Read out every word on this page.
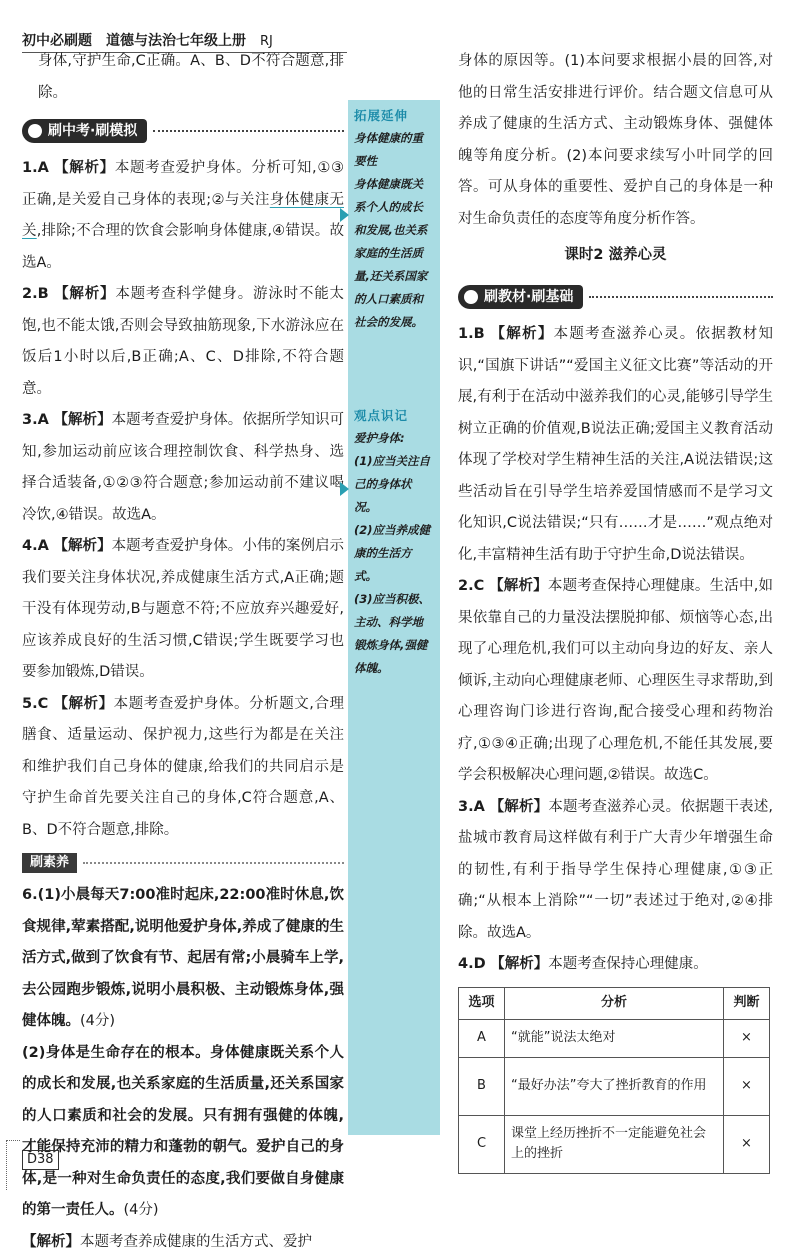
初中必刷题 道德与法治七年级上册 RJ

身体,守护生命,C正确。A、B、D不符合题意,排除。

刷中考·刷模拟

1.A 【解析】本题考查爱护身体。分析可知,①③正确,是关爱自己身体的表现;②与关注身体健康无关,排除;不合理的饮食会影响身体健康,④错误。故选A。

2.B 【解析】本题考查科学健身。游泳时不能太饱,也不能太饿,否则会导致抽筋现象,下水游泳应在饭后1小时以后,B正确;A、C、D排除,不符合题意。

3.A 【解析】本题考查爱护身体。依据所学知识可知,参加运动前应该合理控制饮食、科学热身、选择合适装备,①②③符合题意;参加运动前不建议喝冷饮,④错误。故选A。

4.A 【解析】本题考查爱护身体。小伟的案例启示我们要关注身体状况,养成健康生活方式,A正确;题干没有体现劳动,B与题意不符;不应放弃兴趣爱好,应该养成良好的生活习惯,C错误;学生既要学习也要参加锻炼,D错误。

5.C 【解析】本题考查爱护身体。分析题文,合理膳食、适量运动、保护视力,这些行为都是在关注和维护我们自己身体的健康,给我们的共同启示是守护生命首先要关注自己的身体,C符合题意,A、B、D不符合题意,排除。

刷素养

6.(1)小晨每天7:00准时起床,22:00准时休息,饮食规律,荤素搭配,说明他爱护身体,养成了健康的生活方式,做到了饮食有节、起居有常;小晨骑车上学,去公园跑步锻炼,说明小晨积极、主动锻炼身体,强健体魄。(4分)

(2)身体是生命存在的根本。身体健康既关系个人的成长和发展,也关系家庭的生活质量,还关系国家的人口素质和社会的发展。只有拥有强健的体魄,才能保持充沛的精力和蓬勃的朝气。爱护自己的身体,是一种对生命负责任的态度,我们要做自身健康的第一责任人。(4分)

【解析】本题考查养成健康的生活方式、爱护

拓展延伸
身体健康的重要性
身体健康既关系个人的成长和发展,也关系家庭的生活质量,还关系国家的人口素质和社会的发展。
观点识记
爱护身体:
(1)应当关注自己的身体状况。
(2)应当养成健康的生活方式。
(3)应当积极、主动、科学地锻炼身体,强健体魄。

身体的原因等。(1)本问要求根据小晨的回答,对他的日常生活安排进行评价。结合题文信息可从养成了健康的生活方式、主动锻炼身体、强健体魄等角度分析。(2)本问要求续写小叶同学的回答。可从身体的重要性、爱护自己的身体是一种对生命负责任的态度等角度分析作答。

课时2 滋养心灵
刷教材·刷基础

1.B 【解析】本题考查滋养心灵。依据教材知识,“国旗下讲话”“爱国主义征文比赛”等活动的开展,有利于在活动中滋养我们的心灵,能够引导学生树立正确的价值观,B说法正确;爱国主义教育活动体现了学校对学生精神生活的关注,A说法错误;这些活动旨在引导学生培养爱国情感而不是学习文化知识,C说法错误;“只有……才是……”观点绝对化,丰富精神生活有助于守护生命,D说法错误。

2.C 【解析】本题考查保持心理健康。生活中,如果依靠自己的力量没法摆脱抑郁、烦恼等心态,出现了心理危机,我们可以主动向身边的好友、亲人倾诉,主动向心理健康老师、心理医生寻求帮助,到心理咨询门诊进行咨询,配合接受心理和药物治疗,①③④正确;出现了心理危机,不能任其发展,要学会积极解决心理问题,②错误。故选C。

3.A 【解析】本题考查滋养心灵。依据题干表述,盐城市教育局这样做有利于广大青少年增强生命的韧性,有利于指导学生保持心理健康,①③正确;“从根本上消除”“一切”表述过于绝对,②④排除。故选A。

4.D 【解析】本题考查保持心理健康。

选项	分析	判断
A	“就能”说法太绝对	×
B	“最好办法”夸大了挫折教育的作用	×
C	课堂上经历挫折不一定能避免社会上的挫折	×
D38
